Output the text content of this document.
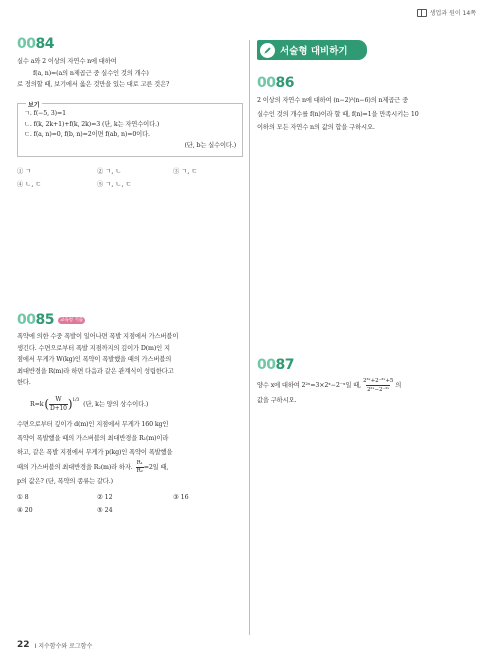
생업과 원이 14쪽
0084
실수 a와 2 이상의 자연수 n에 대하여
f(a, n)=(a의 n제곱근 중 실수인 것의 개수)
로 정의할 때, 보기에서 옳은 것만을 있는 대로 고른 것은?
보기
ㄱ. f(−5, 3)=1
ㄴ. f(k, 2k+1)+f(k, 2k)=3 (단, k는 자연수이다.)
ㄷ. f(a, n)=0, f(b, n)=2이면 f(ab, n)=0이다.
(단, b는 실수이다.)
① ㄱ	② ㄱ, ㄴ	③ ㄱ, ㄷ
④ ㄴ, ㄷ	⑤ ㄱ, ㄴ, ㄷ
0085	교육청 기출
폭약에 의한 수중 폭발이 일어나면 폭발 지점에서 가스버블이
생긴다. 수면으로부터 폭발 지점까지의 깊이가 D(m)인 지
점에서 무게가 W(kg)인 폭약이 폭발했을 때의 가스버블의
최대반경을 R(m)라 하면 다음과 같은 관계식이 성립한다고
한다.
R=k ( W
D+10 )$^{1/3}$
(단, k는 양의 상수이다.)
수면으로부터 깊이가 d(m)인 지점에서 무게가 160 kg인
폭약이 폭발했을 때의 가스버블의 최대반경을 R₁(m)이라
하고, 같은 폭발 지점에서 무게가 p(kg)인 폭약이 폭발했을
때의 가스버블의 최대반경을 R₂(m)라 하자. $\frac{\text{R₁}}{\text{R₂}} =2$일 때,
p의 값은? (단, 폭약의 종류는 같다.)
① 8	② 12	③ 16
④ 20	⑤ 24
서술형 대비하기
0086
2 이상의 자연수 n에 대하여 (n−2)²(n−6)의 n제곱근 중
실수인 것의 개수를 f(n)이라 할 때, f(n)=1을 만족시키는 10
이하의 모든 자연수 n의 값의 합을 구하시오.
0087
양수 x에 대하여 2²ˣ=3×2ˣ−2⁻ˣ일 때,
2³ˣ+2⁻³ˣ+5
2²ˣ−2⁻²ˣ
의
값을 구하시오.
22 I 지수함수와 로그함수
